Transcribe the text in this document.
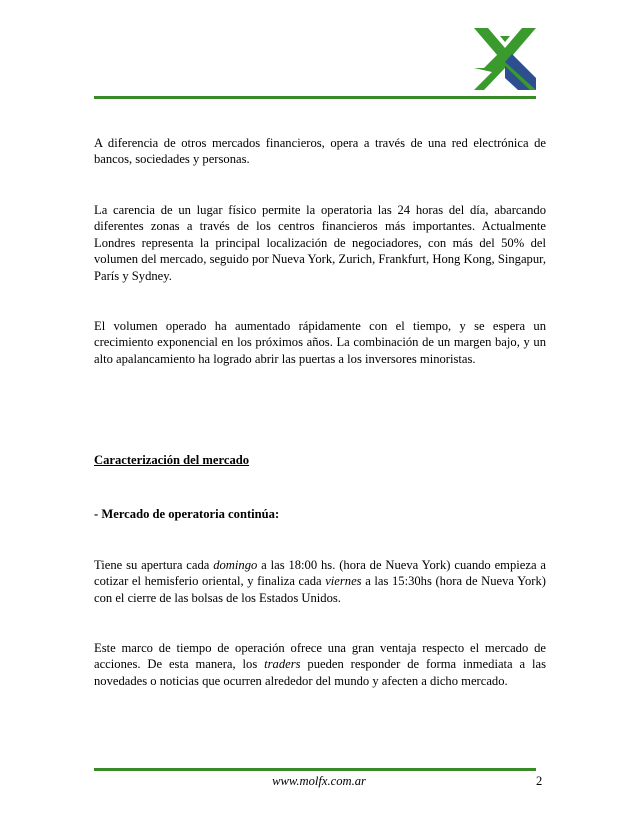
A diferencia de otros mercados financieros, opera a través de una red electrónica de bancos, sociedades y personas.

La carencia de un lugar físico permite la operatoria las 24 horas del día, abarcando diferentes zonas a través de los centros financieros más importantes. Actualmente Londres representa la principal localización de negociadores, con más del 50% del volumen del mercado, seguido por Nueva York, Zurich, Frankfurt, Hong Kong, Singapur, París y Sydney.

El volumen operado ha aumentado rápidamente con el tiempo, y se espera un crecimiento exponencial en los próximos años. La combinación de un margen bajo, y un alto apalancamiento ha logrado abrir las puertas a los inversores minoristas.

Caracterización del mercado

- Mercado de operatoria continúa:

Tiene su apertura cada domingo a las 18:00 hs. (hora de Nueva York) cuando empieza a cotizar el hemisferio oriental, y finaliza cada viernes a las 15:30hs (hora de Nueva York) con el cierre de las bolsas de los Estados Unidos.

Este marco de tiempo de operación ofrece una gran ventaja respecto el mercado de acciones. De esta manera, los traders pueden responder de forma inmediata a las novedades o noticias que ocurren alrededor del mundo y afecten a dicho mercado.

www.molfx.com.ar	2
